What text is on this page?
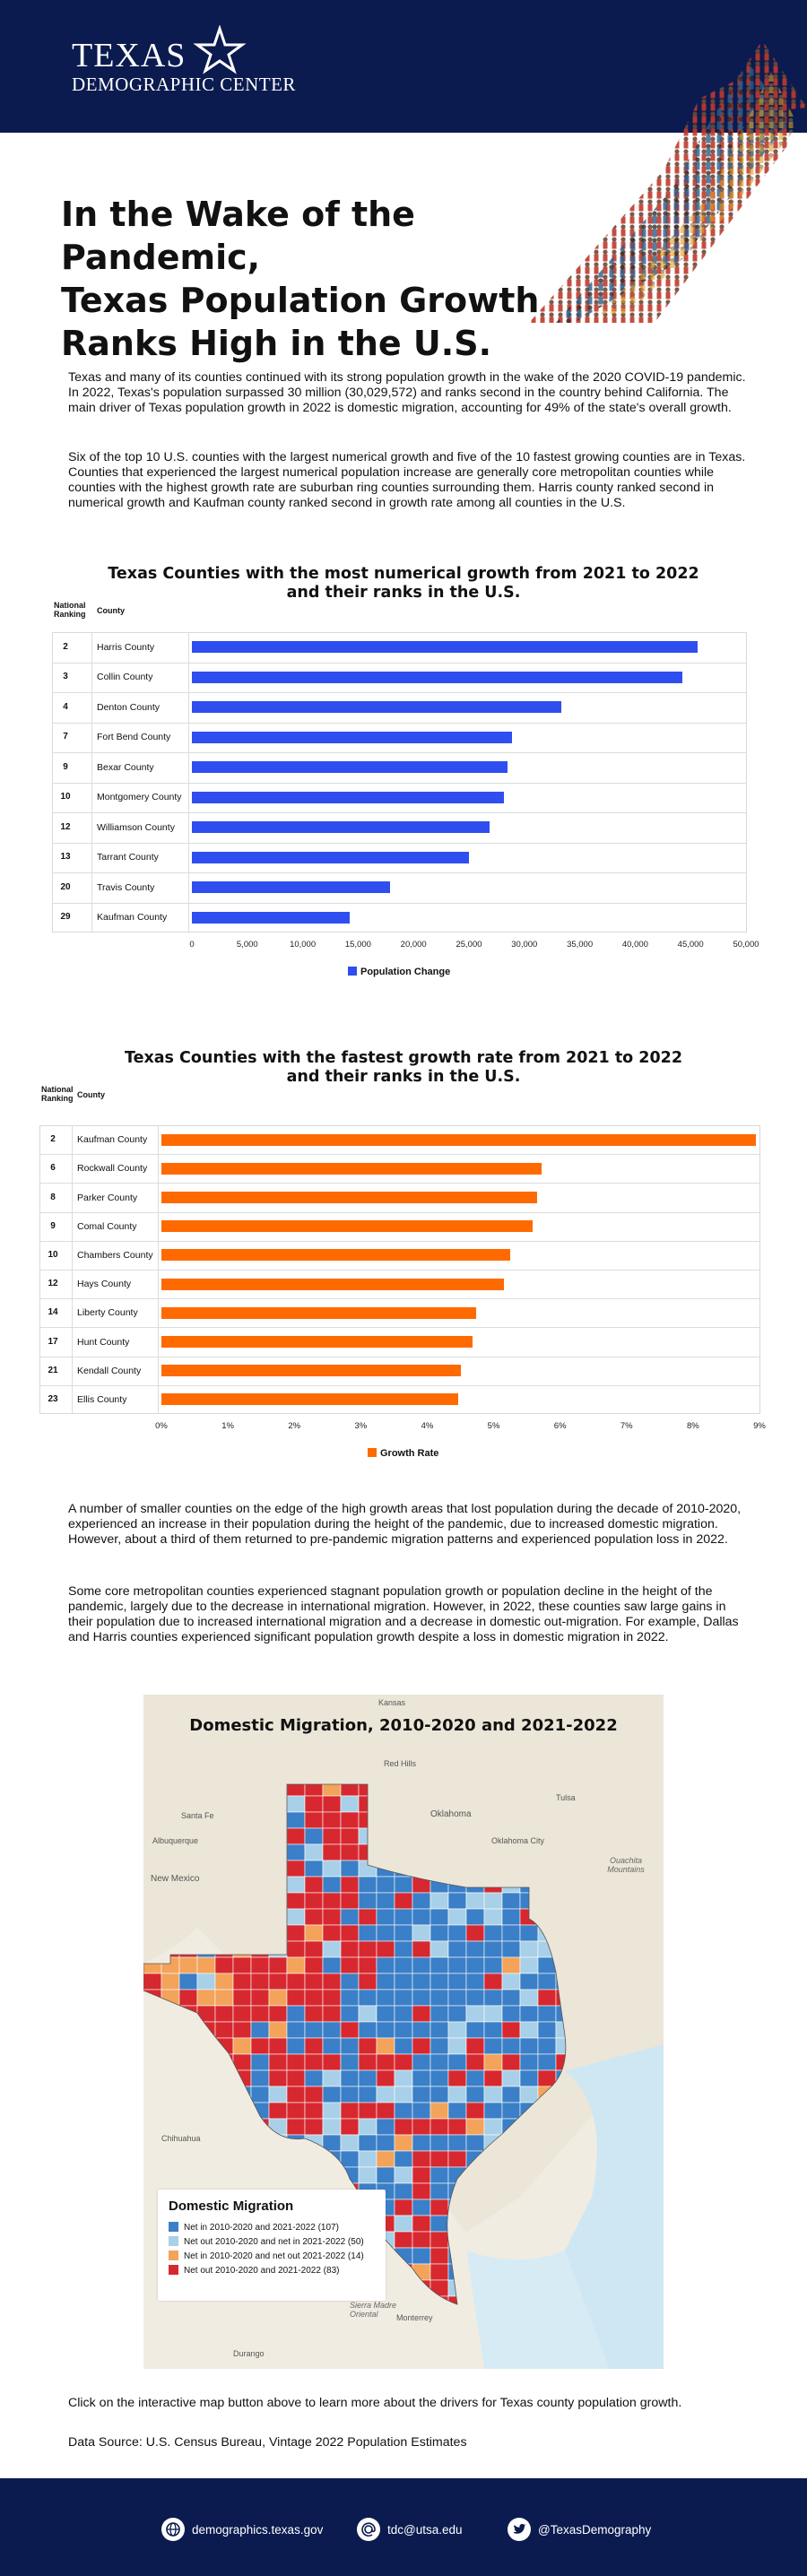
TEXAS
DEMOGRAPHIC CENTER
In the Wake of the Pandemic,
Texas Population Growth
Ranks High in the U.S.
Texas and many of its counties continued with its strong population growth in the wake of the 2020 COVID-19 pandemic. In 2022, Texas's population surpassed 30 million (30,029,572) and ranks second in the country behind California. The main driver of Texas population growth in 2022 is domestic migration, accounting for 49% of the state's overall growth.
Six of the top 10 U.S. counties with the largest numerical growth and five of the 10 fastest growing counties are in Texas. Counties that experienced the largest numerical population increase are generally core metropolitan counties while counties with the highest growth rate are suburban ring counties surrounding them. Harris county ranked second in numerical growth and Kaufman county ranked second in growth rate among all counties in the U.S.
Texas Counties with the most numerical growth from 2021 to 2022
and their ranks in the U.S.
National Ranking	County
2	Harris County
3	Collin County
4	Denton County
7	Fort Bend County
9	Bexar County
10	Montgomery County
12	Williamson County
13	Tarrant County
20	Travis County
29	Kaufman County
0	5,000	10,000	15,000	20,000	25,000	30,000	35,000	40,000	45,000	50,000
Population Change
Texas Counties with the fastest growth rate from 2021 to 2022
and their ranks in the U.S.
National Ranking County
2	Kaufman County
6	Rockwall County
8	Parker County
9	Comal County
10	Chambers County
12	Hays County
14	Liberty County
17	Hunt County
21	Kendall County
23	Ellis County
0%	1%	2%	3%	4%	5%	6%	7%	8%	9%
Growth Rate
A number of smaller counties on the edge of the high growth areas that lost population during the decade of 2010-2020, experienced an increase in their population during the height of the pandemic, due to increased domestic migration. However, about a third of them returned to pre-pandemic migration patterns and experienced population loss in 2022.
Some core metropolitan counties experienced stagnant population growth or population decline in the height of the pandemic, largely due to the decrease in international migration. However, in 2022, these counties saw large gains in their population due to increased international migration and a decrease in domestic out-migration. For example, Dallas and Harris counties experienced significant population growth despite a loss in domestic migration in 2022.
Domestic Migration, 2010-2020 and 2021-2022
Kansas
Red Hills
Tulsa
Santa Fe	Oklahoma
Oklahoma City
Albuquerque
Ouachita Mountains
New Mexico
Chihuahua
Monterrey
Sierra Madre Oriental
Durango
Domestic Migration
Net in 2010-2020 and 2021-2022 (107)
Net out 2010-2020 and net in 2021-2022 (50)
Net in 2010-2020 and net out 2021-2022 (14)
Net out 2010-2020 and 2021-2022 (83)
Click on the interactive map button above to learn more about the drivers for Texas county population growth.
Data Source: U.S. Census Bureau, Vintage 2022 Population Estimates
demographics.texas.gov	tdc@utsa.edu	@TexasDemography
